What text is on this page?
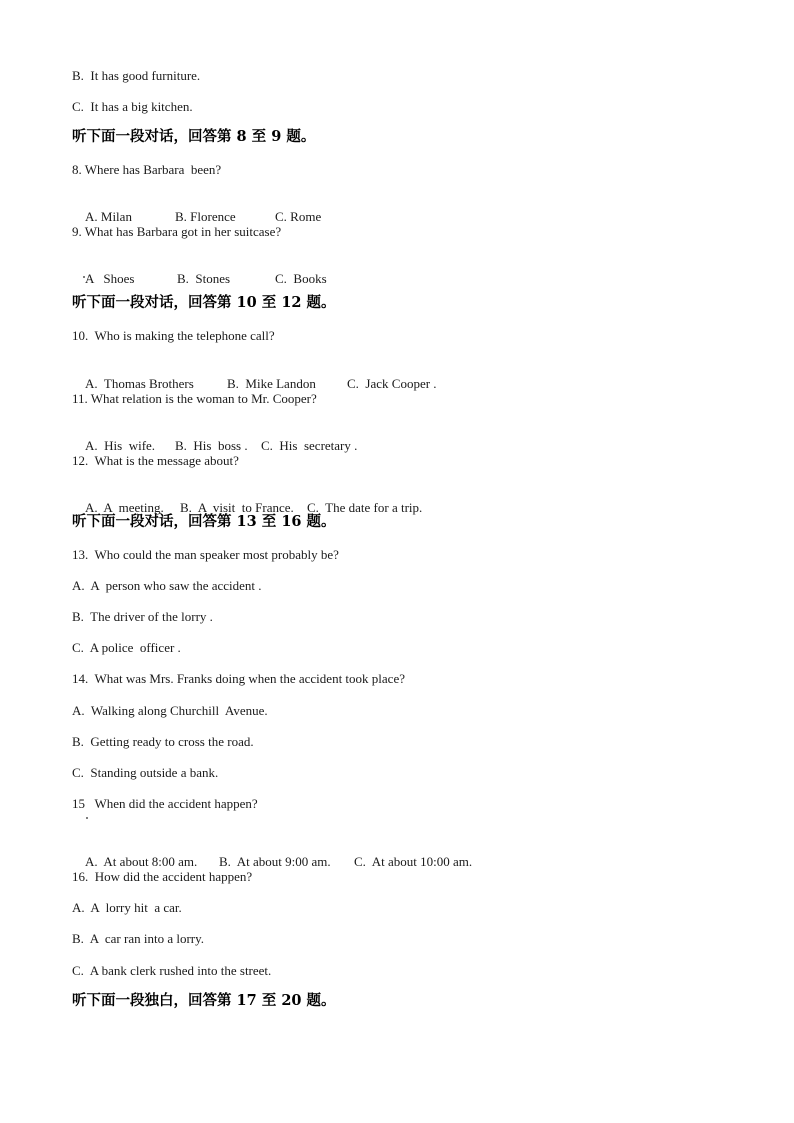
B.  It has good furniture.
C.  It has a big kitchen.
听下面一段对话，回答第 8 至 9 题。
8. Where has Barbara  been?

A. Milan	B. Florence	C. Rome

9. What has Barbara got in her suitcase?

A   Shoes	B.  Stones	C.  Books

听下面一段对话，回答第 10 至 12 题。
10.  Who is making the telephone call?

A.  Thomas Brothers	B.  Mike Landon C.  Jack Cooper .

11. What relation is the woman to Mr. Cooper?

A.  His  wife. B.  His  boss . C.  His  secretary .

12.  What is the message about?

A.  A  meeting. B.  A  visit  to France. C.  The date for a trip.

听下面一段对话，回答第 13 至 16 题。
13.  Who could the man speaker most probably be?
A.  A  person who saw the accident .
B.  The driver of the lorry .
C.  A police  officer .
14.  What was Mrs. Franks doing when the accident took place?
A.  Walking along Churchill  Avenue.
B.  Getting ready to cross the road.
C.  Standing outside a bank.
15   When did the accident happen?

A.  At about 8:00 am. B.  At about 9:00 am. C.  At about 10:00 am.

16.  How did the accident happen?
A.  A  lorry hit  a car.
B.  A  car ran into a lorry.
C.  A bank clerk rushed into the street.
听下面一段独白，回答第 17 至 20 题。
